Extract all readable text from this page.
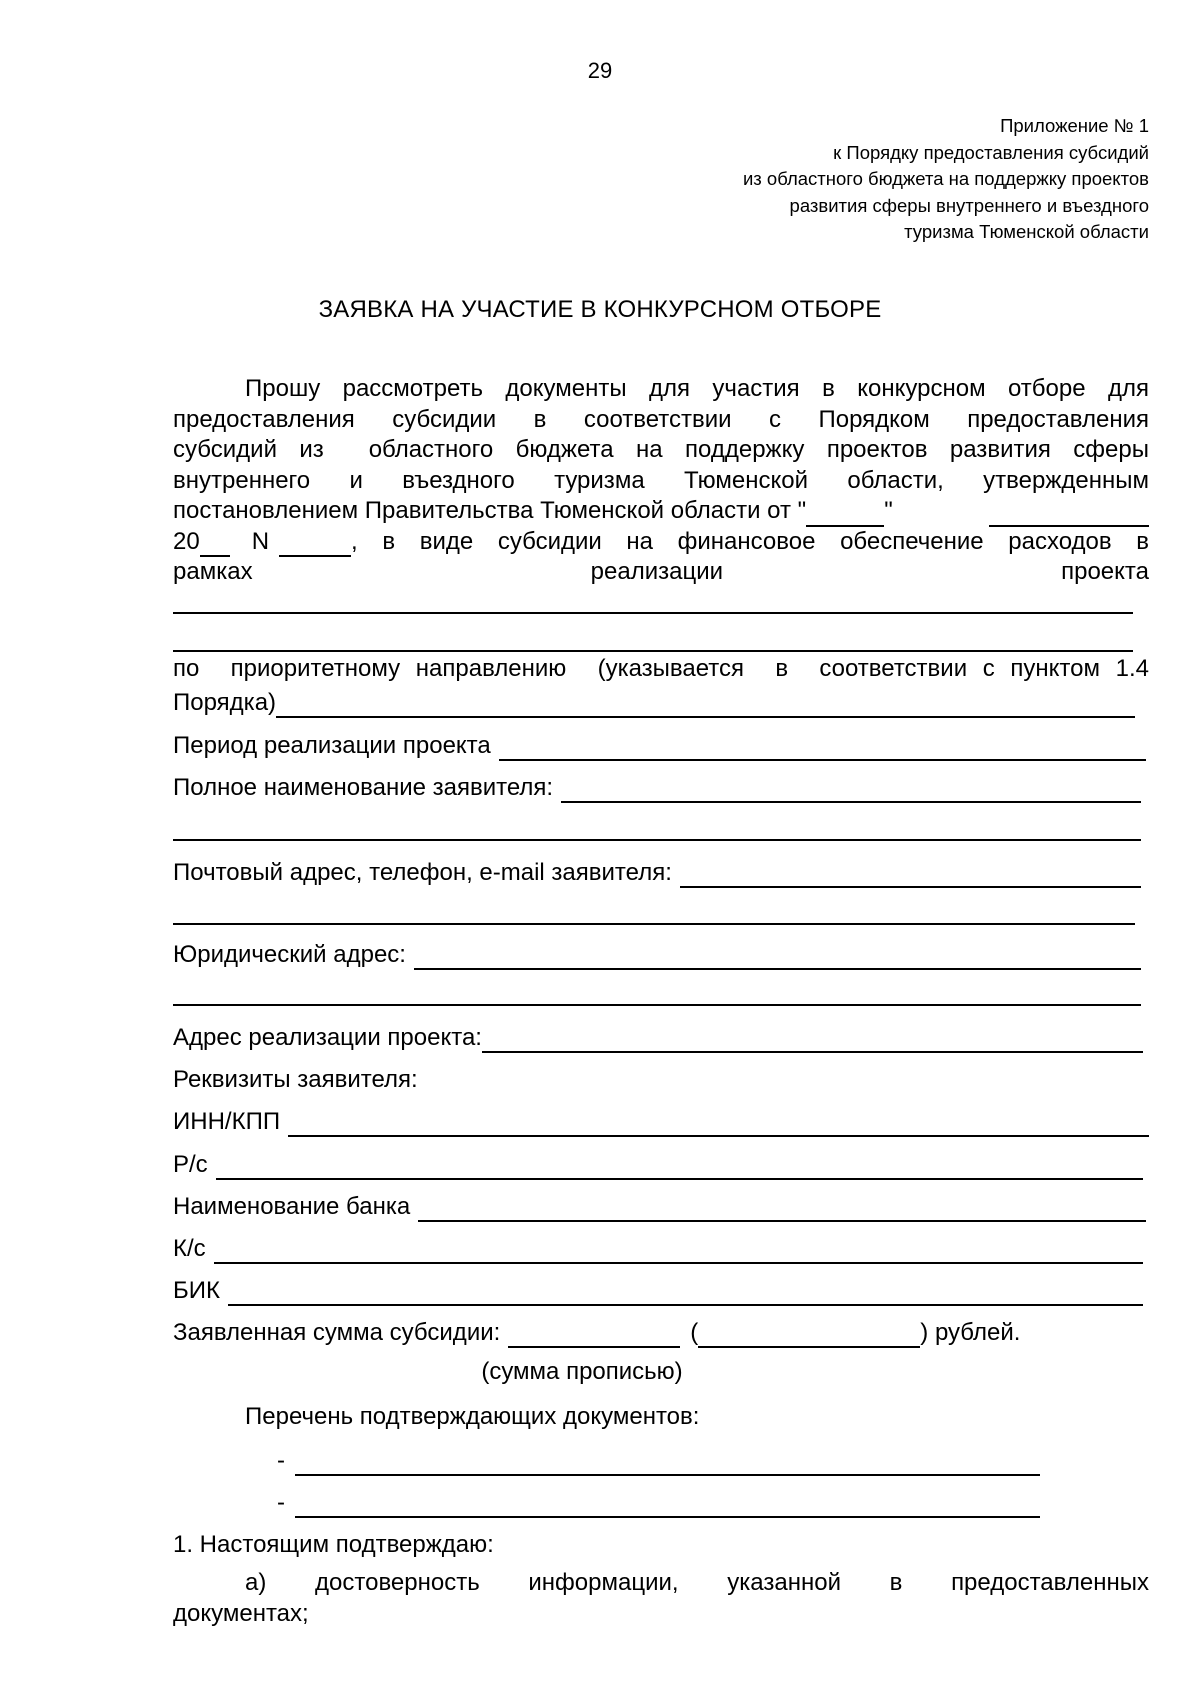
29
Приложение № 1
к Порядку предоставления субсидий
из областного бюджета на поддержку проектов
развития сферы внутреннего и въездного
туризма Тюменской области
ЗАЯВКА НА УЧАСТИЕ В КОНКУРСНОМ ОТБОРЕ
Прошу рассмотреть документы для участия в конкурсном отборе для
предоставления субсидии в соответствии с Порядком предоставления
субсидий из  областного бюджета на поддержку проектов развития сферы
внутреннего и въездного туризма Тюменской области, утвержденным
постановлением Правительства Тюменской области от "	"
20 N	, в виде субсидии на финансовое обеспечение расходов в
рамках	реализации	проекта
по  приоритетному направлению  (указывается  в  соответствии с пунктом 1.4
Порядка)
Период реализации проекта
Полное наименование заявителя:
Почтовый адрес, телефон, e-mail заявителя:
Юридический адрес:
Адрес реализации проекта:
Реквизиты заявителя:
ИНН/КПП
Р/с
Наименование банка
К/с
БИК
Заявленная сумма субсидии:	(	) рублей.
(сумма прописью)
Перечень подтверждающих документов:
-
-
1. Настоящим подтверждаю:
а) достоверность информации, указанной в предоставленных
документах;
